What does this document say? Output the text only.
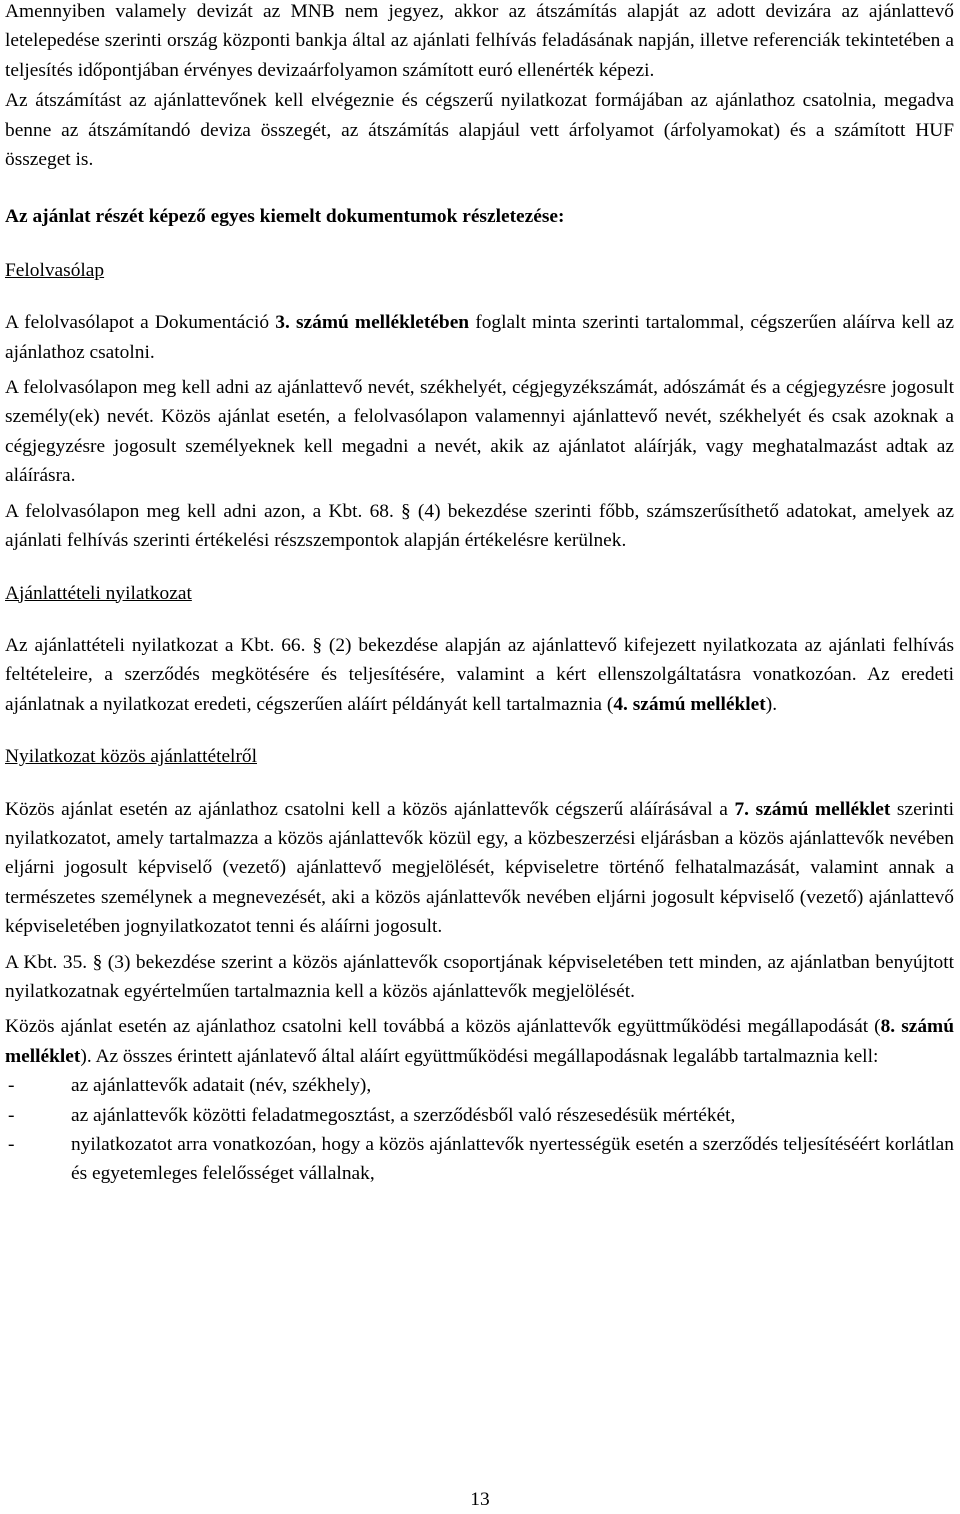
Amennyiben valamely devizát az MNB nem jegyez, akkor az átszámítás alapját az adott devizára az ajánlattevő letelepedése szerinti ország központi bankja által az ajánlati felhívás feladásának napján, illetve referenciák tekintetében a teljesítés időpontjában érvényes devizaárfolyamon számított euró ellenérték képezi.

Az átszámítást az ajánlattevőnek kell elvégeznie és cégszerű nyilatkozat formájában az ajánlathoz csatolnia, megadva benne az átszámítandó deviza összegét, az átszámítás alapjául vett árfolyamot (árfolyamokat) és a számított HUF összeget is.

Az ajánlat részét képező egyes kiemelt dokumentumok részletezése:

Felolvasólap

A felolvasólapot a Dokumentáció 3. számú mellékletében foglalt minta szerinti tartalommal, cégszerűen aláírva kell az ajánlathoz csatolni.

A felolvasólapon meg kell adni az ajánlattevő nevét, székhelyét, cégjegyzékszámát, adószámát és a cégjegyzésre jogosult személy(ek) nevét. Közös ajánlat esetén, a felolvasólapon valamennyi ajánlattevő nevét, székhelyét és csak azoknak a cégjegyzésre jogosult személyeknek kell megadni a nevét, akik az ajánlatot aláírják, vagy meghatalmazást adtak az aláírásra.

A felolvasólapon meg kell adni azon, a Kbt. 68. § (4) bekezdése szerinti főbb, számszerűsíthető adatokat, amelyek az ajánlati felhívás szerinti értékelési részszempontok alapján értékelésre kerülnek.

Ajánlattételi nyilatkozat

Az ajánlattételi nyilatkozat a Kbt. 66. § (2) bekezdése alapján az ajánlattevő kifejezett nyilatkozata az ajánlati felhívás feltételeire, a szerződés megkötésére és teljesítésére, valamint a kért ellenszolgáltatásra vonatkozóan. Az eredeti ajánlatnak a nyilatkozat eredeti, cégszerűen aláírt példányát kell tartalmaznia (4. számú melléklet).

Nyilatkozat közös ajánlattételről

Közös ajánlat esetén az ajánlathoz csatolni kell a közös ajánlattevők cégszerű aláírásával a 7. számú melléklet szerinti nyilatkozatot, amely tartalmazza a közös ajánlattevők közül egy, a közbeszerzési eljárásban a közös ajánlattevők nevében eljárni jogosult képviselő (vezető) ajánlattevő megjelölését, képviseletre történő felhatalmazását, valamint annak a természetes személynek a megnevezését, aki a közös ajánlattevők nevében eljárni jogosult képviselő (vezető) ajánlattevő képviseletében jognyilatkozatot tenni és aláírni jogosult.

A Kbt. 35. § (3) bekezdése szerint a közös ajánlattevők csoportjának képviseletében tett minden, az ajánlatban benyújtott nyilatkozatnak egyértelműen tartalmaznia kell a közös ajánlattevők megjelölését.

Közös ajánlat esetén az ajánlathoz csatolni kell továbbá a közös ajánlattevők együttműködési megállapodását (8. számú melléklet). Az összes érintett ajánlatevő által aláírt együttműködési megállapodásnak legalább tartalmaznia kell:

-	az ajánlattevők adatait (név, székhely),
-	az ajánlattevők közötti feladatmegosztást, a szerződésből való részesedésük mértékét,
-	nyilatkozatot arra vonatkozóan, hogy a közös ajánlattevők nyertességük esetén a szerződés teljesítéséért korlátlan és egyetemleges felelősséget vállalnak,
13
